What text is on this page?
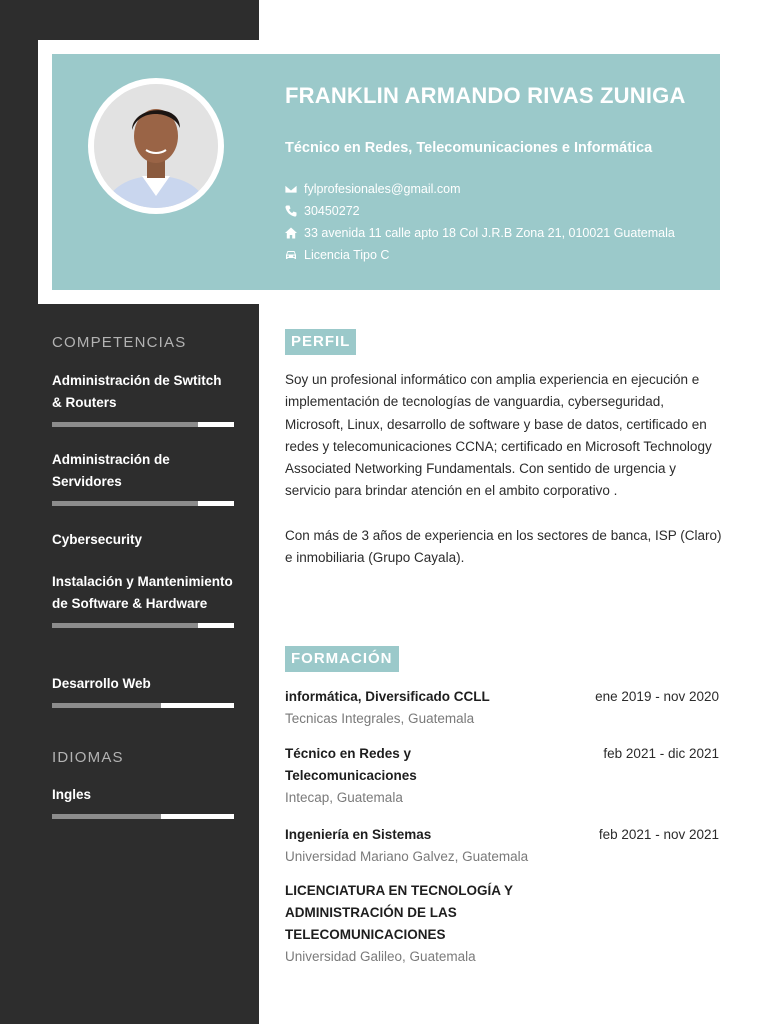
FRANKLIN ARMANDO RIVAS ZUNIGA
Técnico en Redes, Telecomunicaciones e Informática
fylprofesionales@gmail.com
30450272
33 avenida 11 calle apto 18 Col J.R.B Zona 21, 010021 Guatemala
Licencia Tipo C
COMPETENCIAS
Administración de Swtitch & Routers
Administración de Servidores
Cybersecurity
Instalación y Mantenimiento de Software & Hardware
Desarrollo Web
IDIOMAS
Ingles
PERFIL

Soy un profesional informático con amplia experiencia en ejecución e implementación de tecnologías de vanguardia, cyberseguridad, Microsoft, Linux, desarrollo de software y base de datos, certificado en redes y telecomunicaciones CCNA; certificado en Microsoft Technology Associated Networking Fundamentals. Con sentido de urgencia y servicio para brindar atención en el ambito corporativo .

Con más de 3 años de experiencia en los sectores de banca, ISP (Claro) e inmobiliaria (Grupo Cayala).

FORMACIÓN
informática, Diversificado CCLL	ene 2019 - nov 2020
Tecnicas Integrales, Guatemala
Técnico en Redes y Telecomunicaciones
feb 2021 - dic 2021
Intecap, Guatemala
Ingeniería en Sistemas	feb 2021 - nov 2021
Universidad Mariano Galvez, Guatemala
LICENCIATURA EN TECNOLOGÍA Y ADMINISTRACIÓN DE LAS TELECOMUNICACIONES
Universidad Galileo, Guatemala
